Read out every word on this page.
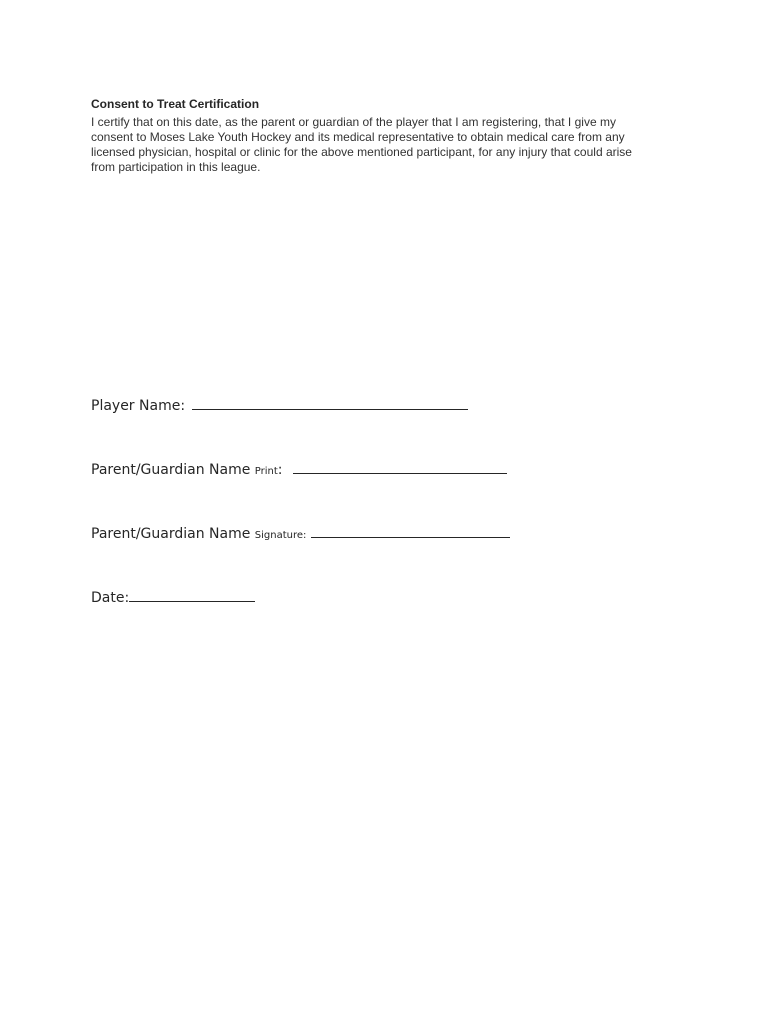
Consent to Treat Certification

I certify that on this date, as the parent or guardian of the player that I am registering, that I give my
consent to Moses Lake Youth Hockey and its medical representative to obtain medical care from any
licensed physician, hospital or clinic for the above mentioned participant, for any injury that could arise
from participation in this league.

Player Name:
Parent/Guardian Name Print:
Parent/Guardian Name Signature:
Date:
